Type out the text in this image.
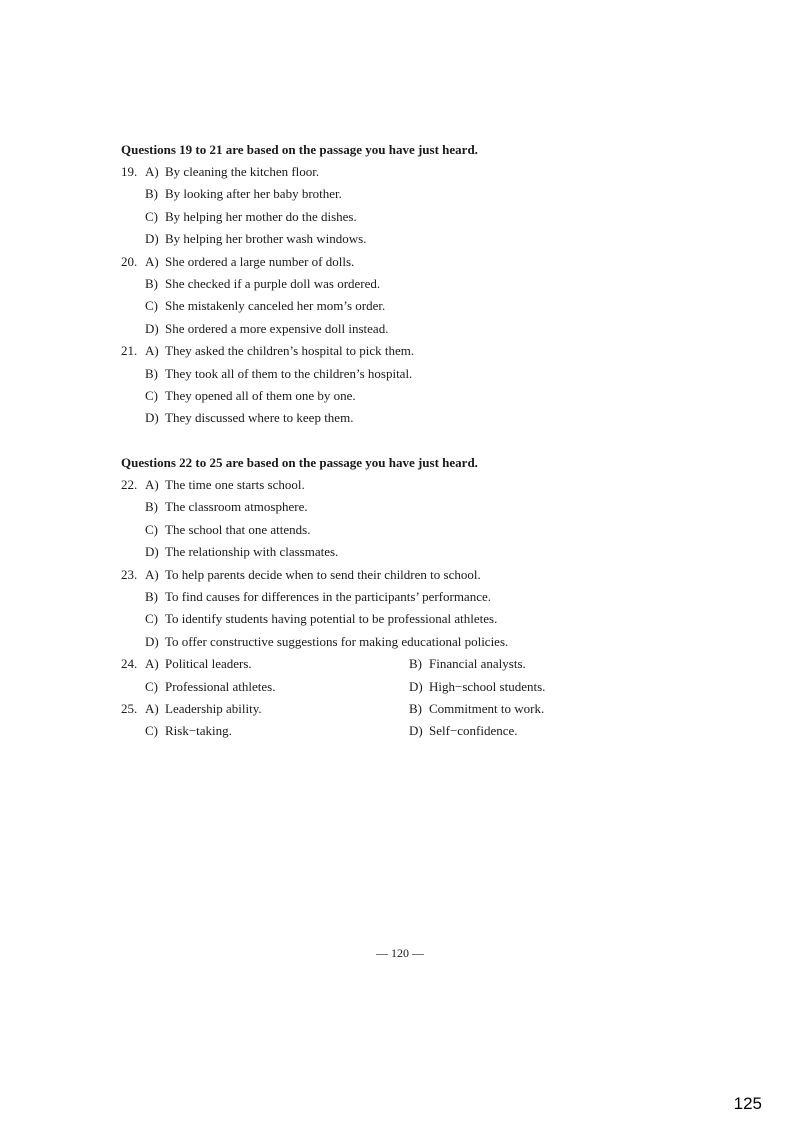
Questions 19 to 21 are based on the passage you have just heard.
19. A) By cleaning the kitchen floor.
B) By looking after her baby brother.
C) By helping her mother do the dishes.
D) By helping her brother wash windows.
20. A) She ordered a large number of dolls.
B) She checked if a purple doll was ordered.
C) She mistakenly canceled her mom’s order.
D) She ordered a more expensive doll instead.
21. A) They asked the children’s hospital to pick them.
B) They took all of them to the children’s hospital.
C) They opened all of them one by one.
D) They discussed where to keep them.
Questions 22 to 25 are based on the passage you have just heard.
22. A) The time one starts school.
B) The classroom atmosphere.
C) The school that one attends.
D) The relationship with classmates.
23. A) To help parents decide when to send their children to school.
B) To find causes for differences in the participants’ performance.
C) To identify students having potential to be professional athletes.
D) To offer constructive suggestions for making educational policies.
24. A) Political leaders.	B) Financial analysts.
C) Professional athletes.	D) High−school students.
25. A) Leadership ability.	B) Commitment to work.
C) Risk−taking.	D) Self−confidence.
— 120 —
125
